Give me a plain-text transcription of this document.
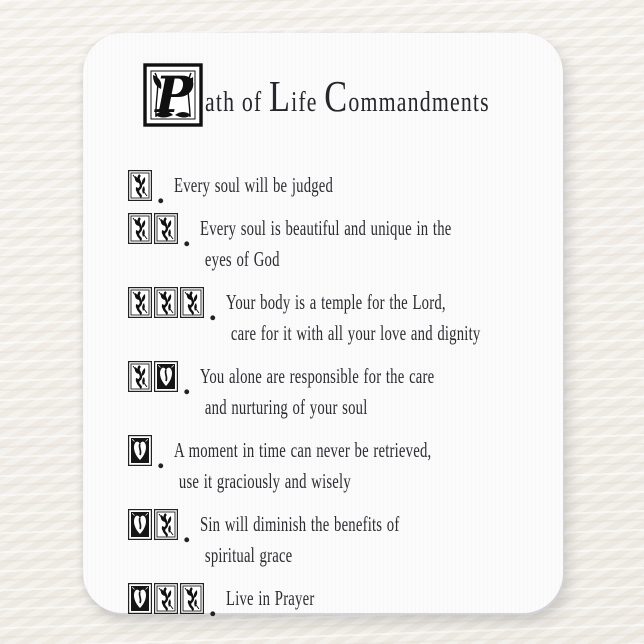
P ath of Life Commandments
. Every soul will be judged
. Every soul is beautiful and unique in the
eyes of God
. Your body is a temple for the Lord,
care for it with all your love and dignity
. You alone are responsible for the care
and nurturing of your soul
. A moment in time can never be retrieved,
use it graciously and wisely
. Sin will diminish the benefits of
spiritual grace
. Live in Prayer
